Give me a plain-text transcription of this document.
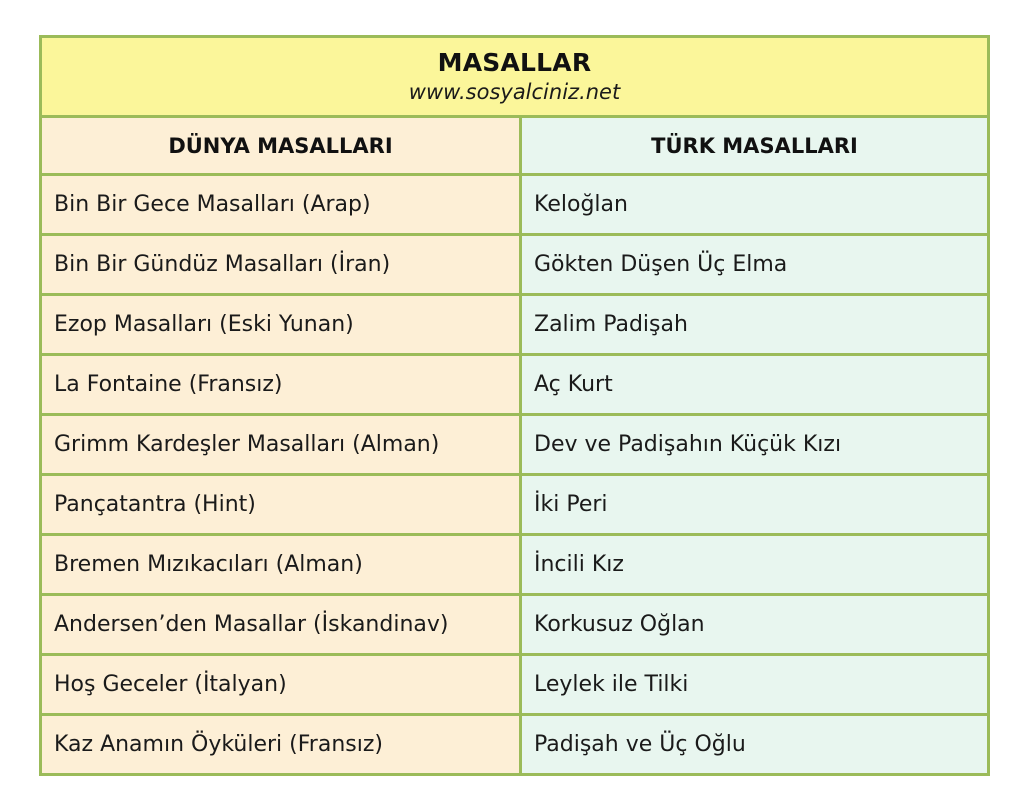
MASALLAR
www.sosyalciniz.net	

DÜNYA MASALLARI	TÜRK MASALLARI
Bin Bir Gece Masalları (Arap)	Keloğlan
Bin Bir Gündüz Masalları (İran)	Gökten Düşen Üç Elma
Ezop Masalları (Eski Yunan)	Zalim Padişah
La Fontaine (Fransız)	Aç Kurt
Grimm Kardeşler Masalları (Alman)	Dev ve Padişahın Küçük Kızı
Pançatantra (Hint)	İki Peri
Bremen Mızıkacıları (Alman)	İncili Kız
Andersen’den Masallar (İskandinav)	Korkusuz Oğlan
Hoş Geceler (İtalyan)	Leylek ile Tilki
Kaz Anamın Öyküleri (Fransız)	Padişah ve Üç Oğlu
